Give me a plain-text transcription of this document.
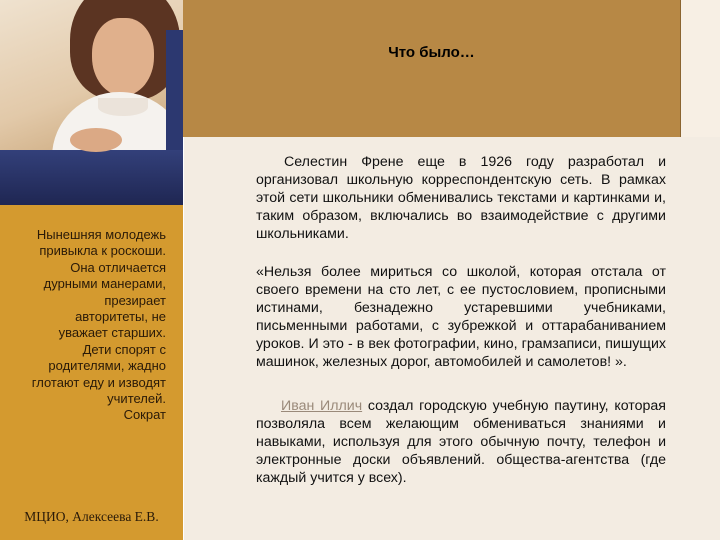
Нынешняя молодежь
привыкла к роскоши.
Она отличается
дурными манерами,
презирает
авторитеты, не
уважает старших.
Дети спорят с
родителями, жадно
глотают еду и изводят
учителей.
Сократ

МЦИО, Алексеева Е.В.
Что было…

Селестин Френе еще в 1926 году разработал и организовал школьную корреспондентскую сеть. В рамках этой сети школьники обменивались текстами и картинками и, таким образом, включались во взаимодействие с другими школьниками.

«Нельзя более мириться со школой, которая отстала от своего времени на сто лет, с ее пустословием, прописными истинами, безнадежно устаревшими учебниками, письменными работами, с зубрежкой и оттарабаниванием уроков. И это - в век фотографии, кино, грамзаписи, пишущих машинок, железных дорог, автомобилей и самолетов! ».

Иван Иллич создал городскую учебную паутину, которая позволяла всем желающим обмениваться знаниями и навыками, используя для этого обычную почту, телефон и электронные доски объявлений. общества-агентства (где каждый учится у всех).
